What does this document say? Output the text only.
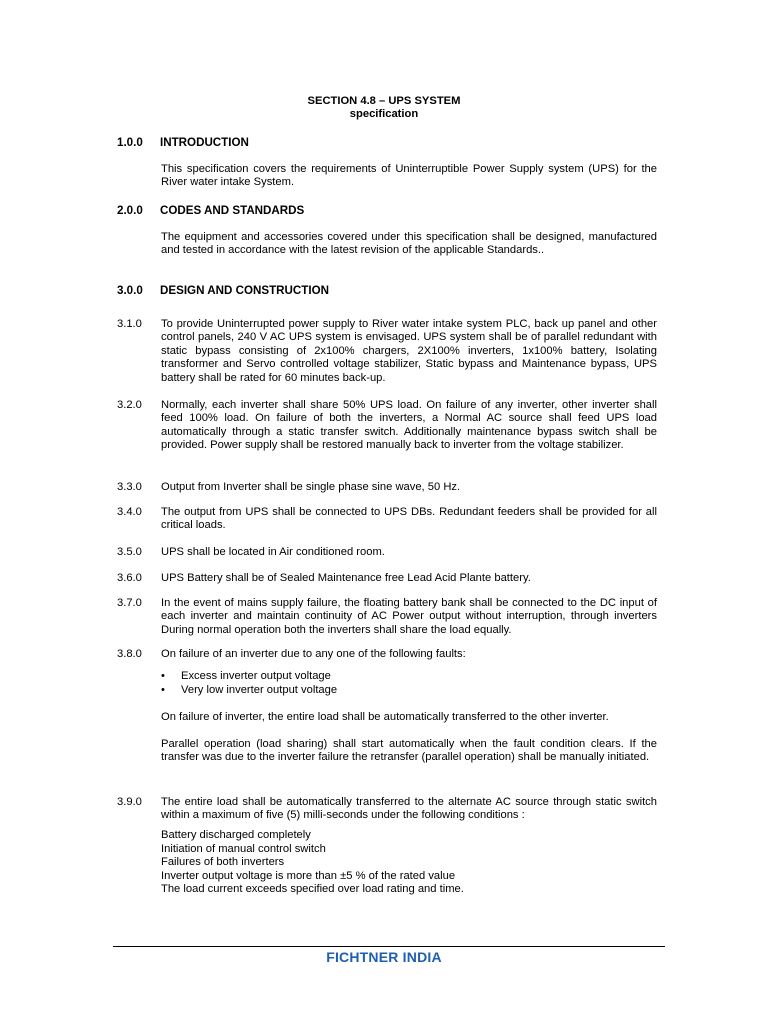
SECTION 4.8 – UPS SYSTEM
specification
1.0.0 INTRODUCTION
This specification covers the requirements of Uninterruptible Power Supply system (UPS) for the River water intake System.
2.0.0 CODES AND STANDARDS
The equipment and accessories covered under this specification shall be designed, manufactured and tested in accordance with the latest revision of the applicable Standards..
3.0.0 DESIGN AND CONSTRUCTION
3.1.0 To provide Uninterrupted power supply to River water intake system PLC, back up panel and other control panels, 240 V AC UPS system is envisaged. UPS system shall be of parallel redundant with static bypass consisting of 2x100% chargers, 2X100% inverters, 1x100% battery, Isolating transformer and Servo controlled voltage stabilizer, Static bypass and Maintenance bypass, UPS battery shall be rated for 60 minutes back-up.
3.2.0 Normally, each inverter shall share 50% UPS load. On failure of any inverter, other inverter shall feed 100% load. On failure of both the inverters, a Normal AC source shall feed UPS load automatically through a static transfer switch. Additionally maintenance bypass switch shall be provided. Power supply shall be restored manually back to inverter from the voltage stabilizer.
3.3.0 Output from Inverter shall be single phase sine wave, 50 Hz.
3.4.0 The output from UPS shall be connected to UPS DBs. Redundant feeders shall be provided for all critical loads.
3.5.0 UPS shall be located in Air conditioned room.
3.6.0 UPS Battery shall be of Sealed Maintenance free Lead Acid Plante battery.
3.7.0 In the event of mains supply failure, the floating battery bank shall be connected to the DC input of each inverter and maintain continuity of AC Power output without interruption, through inverters During normal operation both the inverters shall share the load equally.
3.8.0 On failure of an inverter due to any one of the following faults:
• Excess inverter output voltage
• Very low inverter output voltage
On failure of inverter, the entire load shall be automatically transferred to the other inverter.
Parallel operation (load sharing) shall start automatically when the fault condition clears. If the transfer was due to the inverter failure the retransfer (parallel operation) shall be manually initiated.
3.9.0 The entire load shall be automatically transferred to the alternate AC source through static switch within a maximum of five (5) milli-seconds under the following conditions :
Battery discharged completely
Initiation of manual control switch
Failures of both inverters
Inverter output voltage is more than ±5 % of the rated value
The load current exceeds specified over load rating and time.
FICHTNER INDIA
